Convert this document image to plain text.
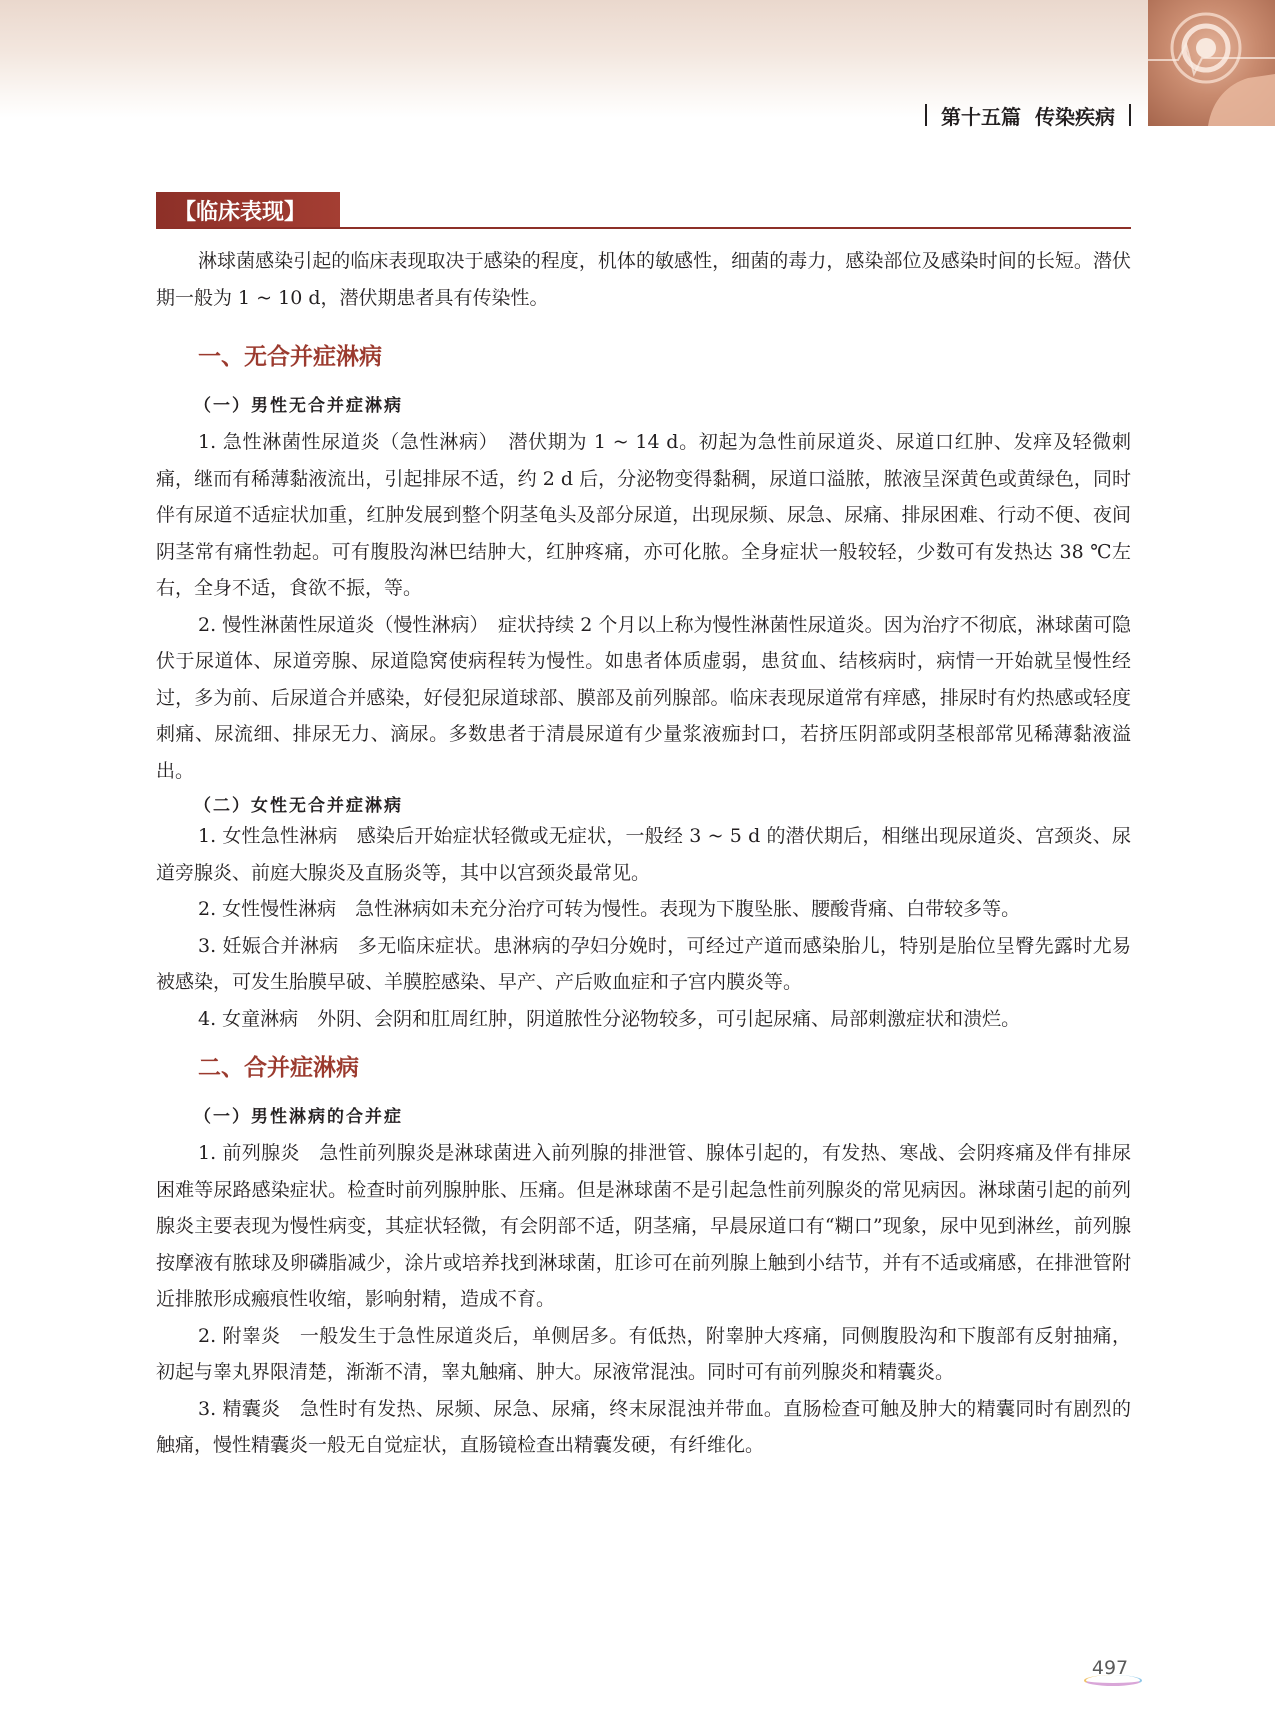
第十五篇 传染疾病
【临床表现】

淋球菌感染引起的临床表现取决于感染的程度，机体的敏感性，细菌的毒力，感染部位及感染时间的长短。潜伏期一般为 1 ~ 10 d，潜伏期患者具有传染性。

一、无合并症淋病
（一）男性无合并症淋病

1. 急性淋菌性尿道炎（急性淋病）　潜伏期为 1 ~ 14 d。初起为急性前尿道炎、尿道口红肿、发痒及轻微刺痛，继而有稀薄黏液流出，引起排尿不适，约 2 d 后，分泌物变得黏稠，尿道口溢脓，脓液呈深黄色或黄绿色，同时伴有尿道不适症状加重，红肿发展到整个阴茎龟头及部分尿道，出现尿频、尿急、尿痛、排尿困难、行动不便、夜间阴茎常有痛性勃起。可有腹股沟淋巴结肿大，红肿疼痛，亦可化脓。全身症状一般较轻，少数可有发热达 38 ℃左右，全身不适，食欲不振，等。

2. 慢性淋菌性尿道炎（慢性淋病）　症状持续 2 个月以上称为慢性淋菌性尿道炎。因为治疗不彻底，淋球菌可隐伏于尿道体、尿道旁腺、尿道隐窝使病程转为慢性。如患者体质虚弱，患贫血、结核病时，病情一开始就呈慢性经过，多为前、后尿道合并感染，好侵犯尿道球部、膜部及前列腺部。临床表现尿道常有痒感，排尿时有灼热感或轻度刺痛、尿流细、排尿无力、滴尿。多数患者于清晨尿道有少量浆液痂封口，若挤压阴部或阴茎根部常见稀薄黏液溢出。

（二）女性无合并症淋病

1. 女性急性淋病　感染后开始症状轻微或无症状，一般经 3 ~ 5 d 的潜伏期后，相继出现尿道炎、宫颈炎、尿道旁腺炎、前庭大腺炎及直肠炎等，其中以宫颈炎最常见。

2. 女性慢性淋病　急性淋病如未充分治疗可转为慢性。表现为下腹坠胀、腰酸背痛、白带较多等。

3. 妊娠合并淋病　多无临床症状。患淋病的孕妇分娩时，可经过产道而感染胎儿，特别是胎位呈臀先露时尤易被感染，可发生胎膜早破、羊膜腔感染、早产、产后败血症和子宫内膜炎等。

4. 女童淋病　外阴、会阴和肛周红肿，阴道脓性分泌物较多，可引起尿痛、局部刺激症状和溃烂。

二、合并症淋病
（一）男性淋病的合并症

1. 前列腺炎　急性前列腺炎是淋球菌进入前列腺的排泄管、腺体引起的，有发热、寒战、会阴疼痛及伴有排尿困难等尿路感染症状。检查时前列腺肿胀、压痛。但是淋球菌不是引起急性前列腺炎的常见病因。淋球菌引起的前列腺炎主要表现为慢性病变，其症状轻微，有会阴部不适，阴茎痛，早晨尿道口有“糊口”现象，尿中见到淋丝，前列腺按摩液有脓球及卵磷脂减少，涂片或培养找到淋球菌，肛诊可在前列腺上触到小结节，并有不适或痛感，在排泄管附近排脓形成瘢痕性收缩，影响射精，造成不育。

2. 附睾炎　一般发生于急性尿道炎后，单侧居多。有低热，附睾肿大疼痛，同侧腹股沟和下腹部有反射抽痛，初起与睾丸界限清楚，渐渐不清，睾丸触痛、肿大。尿液常混浊。同时可有前列腺炎和精囊炎。

3. 精囊炎　急性时有发热、尿频、尿急、尿痛，终末尿混浊并带血。直肠检查可触及肿大的精囊同时有剧烈的触痛，慢性精囊炎一般无自觉症状，直肠镜检查出精囊发硬，有纤维化。

497
